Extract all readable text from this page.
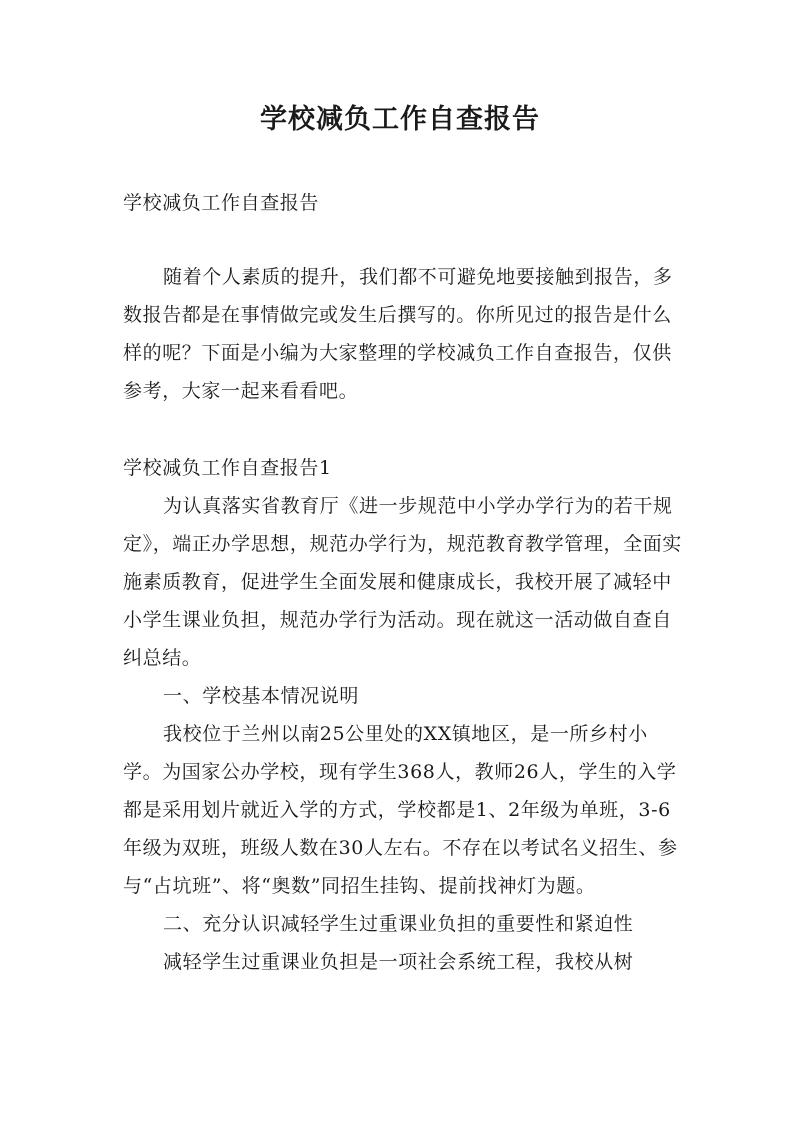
学校减负工作自查报告
学校减负工作自查报告

随着个人素质的提升，我们都不可避免地要接触到报告，多数报告都是在事情做完或发生后撰写的。你所见过的报告是什么样的呢？下面是小编为大家整理的学校减负工作自查报告，仅供参考，大家一起来看看吧。

学校减负工作自查报告1

为认真落实省教育厅《进一步规范中小学办学行为的若干规定》，端正办学思想，规范办学行为，规范教育教学管理，全面实施素质教育，促进学生全面发展和健康成长，我校开展了减轻中小学生课业负担，规范办学行为活动。现在就这一活动做自查自纠总结。

一、学校基本情况说明

我校位于兰州以南25公里处的XX镇地区，是一所乡村小学。为国家公办学校，现有学生368人，教师26人，学生的入学都是采用划片就近入学的方式，学校都是1、2年级为单班，3-6年级为双班，班级人数在30人左右。不存在以考试名义招生、参与“占坑班”、将“奥数”同招生挂钩、提前找神灯为题。

二、充分认识减轻学生过重课业负担的重要性和紧迫性

减轻学生过重课业负担是一项社会系统工程，我校从树
